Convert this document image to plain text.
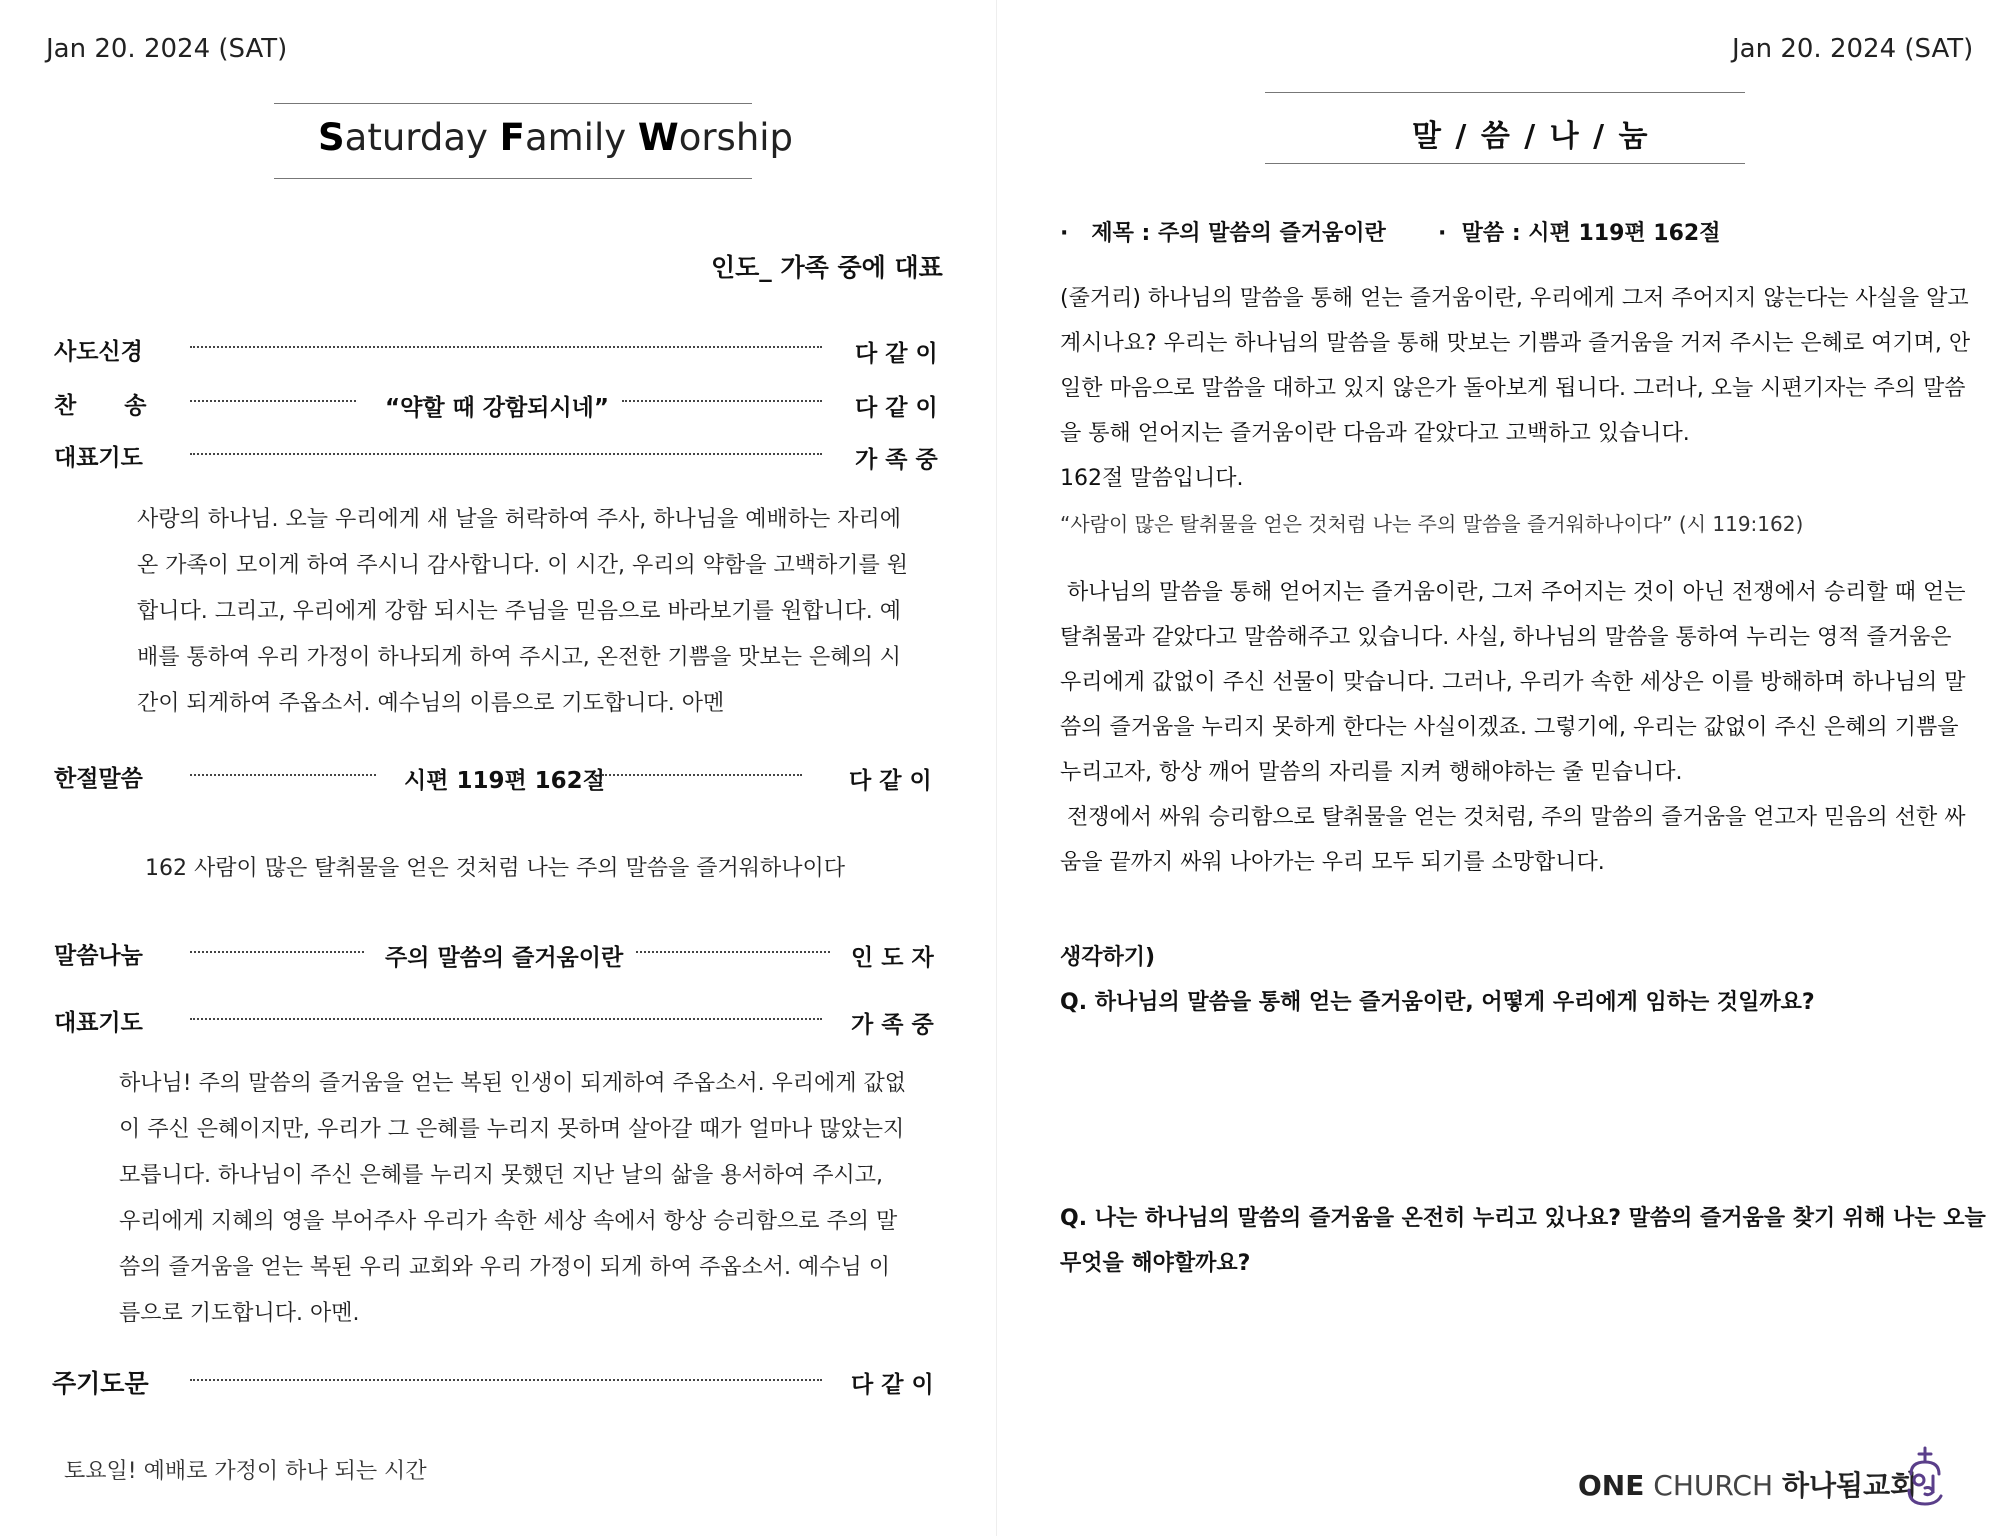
Jan 20. 2024 (SAT)
Saturday Family Worship
인도_ 가족 중에 대표
사도신경	다 같 이
찬      송	“약할 때 강함되시네”	다 같 이
대표기도	가 족 중
사랑의 하나님. 오늘 우리에게 새 날을 허락하여 주사, 하나님을 예배하는 자리에
온 가족이 모이게 하여 주시니 감사합니다. 이 시간, 우리의 약함을 고백하기를 원
합니다. 그리고, 우리에게 강함 되시는 주님을 믿음으로 바라보기를 원합니다. 예
배를 통하여 우리 가정이 하나되게 하여 주시고, 온전한 기쁨을 맛보는 은혜의 시
간이 되게하여 주옵소서. 예수님의 이름으로 기도합니다. 아멘
한절말씀	시편 119편 162절	다 같 이
162 사람이 많은 탈취물을 얻은 것처럼 나는 주의 말씀을 즐거워하나이다
말씀나눔	주의 말씀의 즐거움이란	인 도 자
대표기도	가 족 중
하나님! 주의 말씀의 즐거움을 얻는 복된 인생이 되게하여 주옵소서. 우리에게 값없
이 주신 은혜이지만, 우리가 그 은혜를 누리지 못하며 살아갈 때가 얼마나 많았는지
모릅니다. 하나님이 주신 은혜를 누리지 못했던 지난 날의 삶을 용서하여 주시고,
우리에게 지혜의 영을 부어주사 우리가 속한 세상 속에서 항상 승리함으로 주의 말
씀의 즐거움을 얻는 복된 우리 교회와 우리 가정이 되게 하여 주옵소서. 예수님 이
름으로 기도합니다. 아멘.
주기도문	다 같 이
토요일! 예배로 가정이 하나 되는 시간
Jan 20. 2024 (SAT)
말 / 씀 / 나 / 눔
·   제목 : 주의 말씀의 즐거움이란 ·  말씀 : 시편 119편 162절
(줄거리) 하나님의 말씀을 통해 얻는 즐거움이란, 우리에게 그저 주어지지 않는다는 사실을 알고
계시나요? 우리는 하나님의 말씀을 통해 맛보는 기쁨과 즐거움을 거저 주시는 은혜로 여기며, 안
일한 마음으로 말씀을 대하고 있지 않은가 돌아보게 됩니다. 그러나, 오늘 시편기자는 주의 말씀
을 통해 얻어지는 즐거움이란 다음과 같았다고 고백하고 있습니다.
162절 말씀입니다.
“사람이 많은 탈취물을 얻은 것처럼 나는 주의 말씀을 즐거워하나이다” (시 119:162)
하나님의 말씀을 통해 얻어지는 즐거움이란, 그저 주어지는 것이 아닌 전쟁에서 승리할 때 얻는
탈취물과 같았다고 말씀해주고 있습니다. 사실, 하나님의 말씀을 통하여 누리는 영적 즐거움은
우리에게 값없이 주신 선물이 맞습니다. 그러나, 우리가 속한 세상은 이를 방해하며 하나님의 말
씀의 즐거움을 누리지 못하게 한다는 사실이겠죠. 그렇기에, 우리는 값없이 주신 은혜의 기쁨을
누리고자, 항상 깨어 말씀의 자리를 지켜 행해야하는 줄 믿습니다.
전쟁에서 싸워 승리함으로 탈취물을 얻는 것처럼, 주의 말씀의 즐거움을 얻고자 믿음의 선한 싸
움을 끝까지 싸워 나아가는 우리 모두 되기를 소망합니다.
생각하기)
Q. 하나님의 말씀을 통해 얻는 즐거움이란, 어떻게 우리에게 임하는 것일까요?
Q. 나는 하나님의 말씀의 즐거움을 온전히 누리고 있나요? 말씀의 즐거움을 찾기 위해 나는 오늘
무엇을 해야할까요?
ONE CHURCH 하나됨교회
